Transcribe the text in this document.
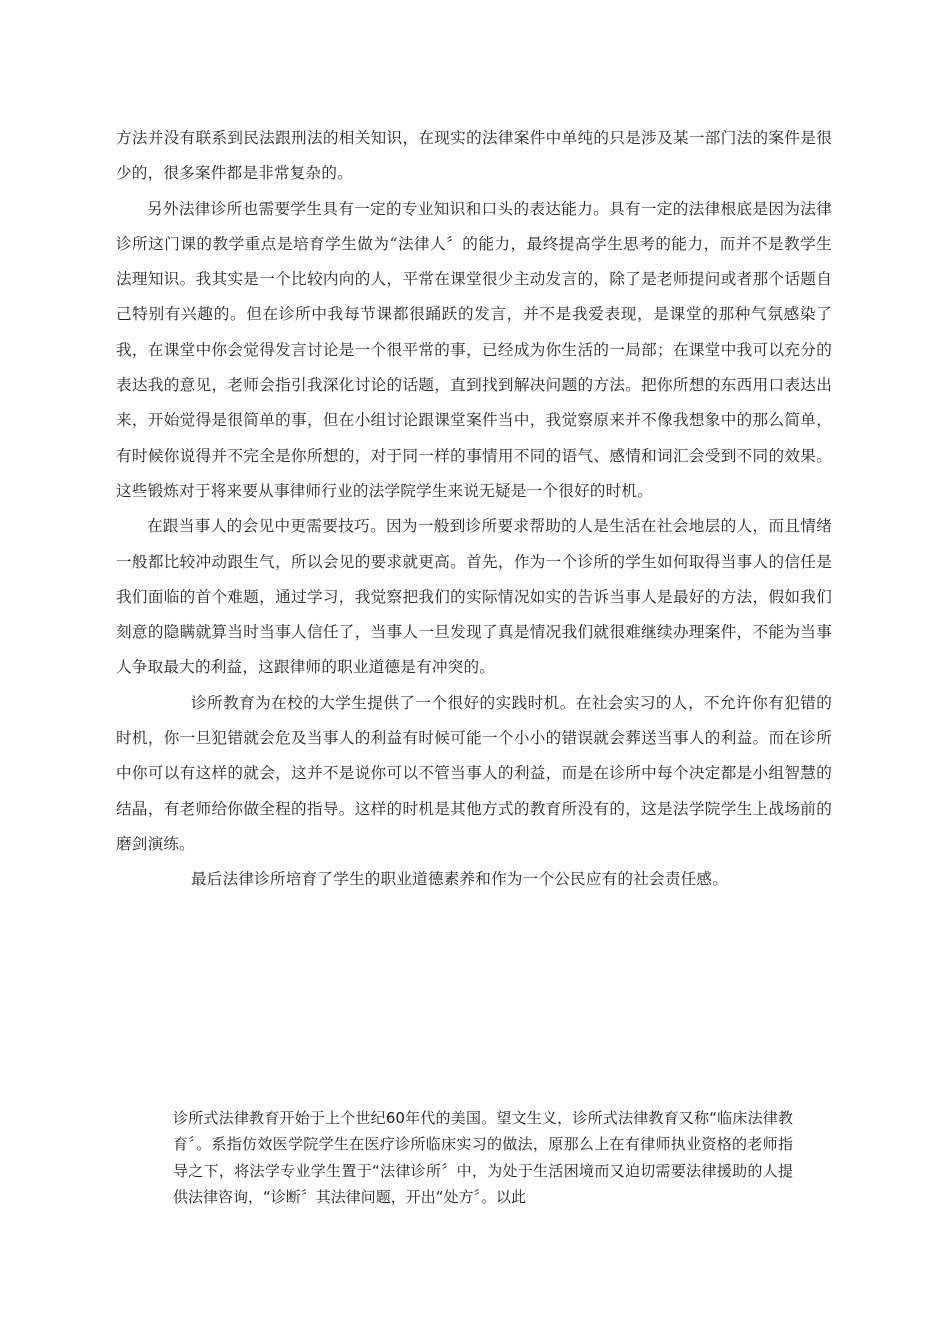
方法并没有联系到民法跟刑法的相关知识，在现实的法律案件中单纯的只是涉及某一部门法的案件是很少的，很多案件都是非常复杂的。

另外法律诊所也需要学生具有一定的专业知识和口头的表达能力。具有一定的法律根底是因为法律诊所这门课的教学重点是培育学生做为“法律人〞的能力，最终提高学生思考的能力，而并不是教学生法理知识。我其实是一个比较内向的人，平常在课堂很少主动发言的，除了是老师提问或者那个话题自己特别有兴趣的。但在诊所中我每节课都很踊跃的发言，并不是我爱表现，是课堂的那种气氛感染了我，在课堂中你会觉得发言讨论是一个很平常的事，已经成为你生活的一局部；在课堂中我可以充分的表达我的意见，老师会指引我深化讨论的话题，直到找到解决问题的方法。把你所想的东西用口表达出来，开始觉得是很简单的事，但在小组讨论跟课堂案件当中，我觉察原来并不像我想象中的那么简单，有时候你说得并不完全是你所想的，对于同一样的事情用不同的语气、感情和词汇会受到不同的效果。这些锻炼对于将来要从事律师行业的法学院学生来说无疑是一个很好的时机。

在跟当事人的会见中更需要技巧。因为一般到诊所要求帮助的人是生活在社会地层的人，而且情绪一般都比较冲动跟生气，所以会见的要求就更高。首先，作为一个诊所的学生如何取得当事人的信任是我们面临的首个难题，通过学习，我觉察把我们的实际情况如实的告诉当事人是最好的方法，假如我们刻意的隐瞒就算当时当事人信任了，当事人一旦发现了真是情况我们就很难继续办理案件，不能为当事人争取最大的利益，这跟律师的职业道德是有冲突的。

诊所教育为在校的大学生提供了一个很好的实践时机。在社会实习的人，不允许你有犯错的时机，你一旦犯错就会危及当事人的利益有时候可能一个小小的错误就会葬送当事人的利益。而在诊所中你可以有这样的就会，这并不是说你可以不管当事人的利益，而是在诊所中每个决定都是小组智慧的结晶，有老师给你做全程的指导。这样的时机是其他方式的教育所没有的，这是法学院学生上战场前的磨剑演练。

最后法律诊所培育了学生的职业道德素养和作为一个公民应有的社会责任感。

诊所式法律教育开始于上个世纪60年代的美国。望文生义，诊所式法律教育又称“临床法律教育〞。系指仿效医学院学生在医疗诊所临床实习的做法，原那么上在有律师执业资格的老师指导之下，将法学专业学生置于“法律诊所〞中，为处于生活困境而又迫切需要法律援助的人提供法律咨询，“诊断〞其法律问题，开出“处方〞。以此
